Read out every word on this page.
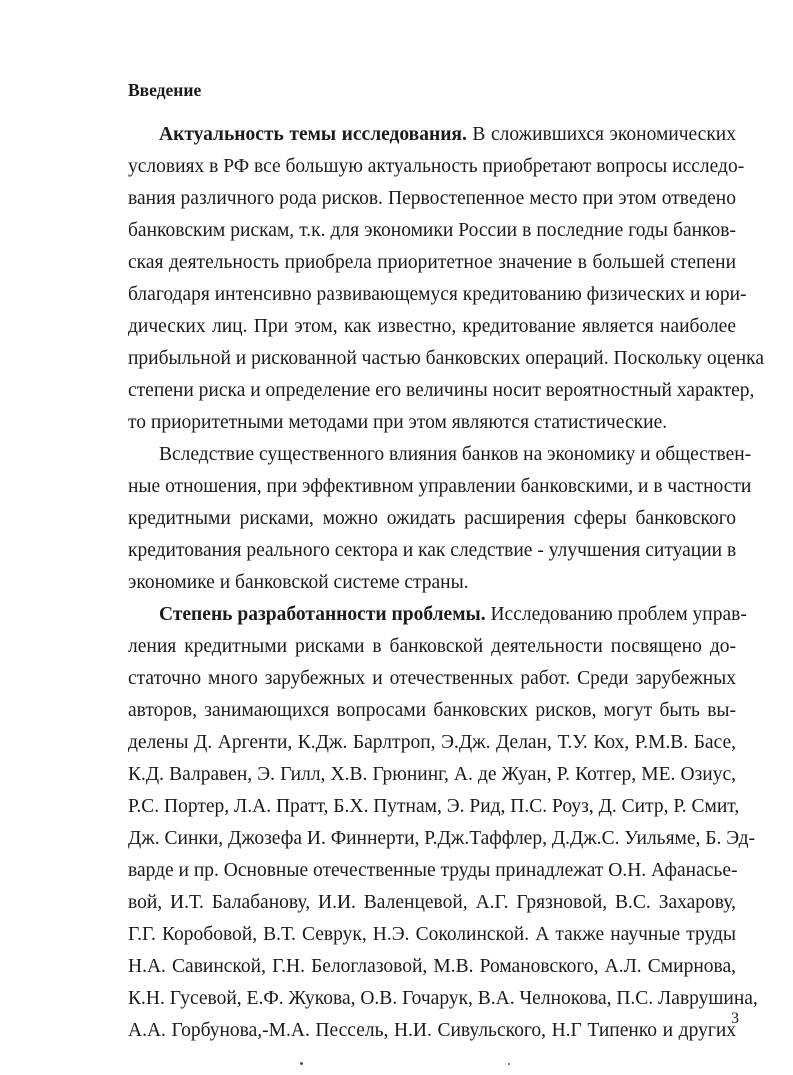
Введение
Актуальность темы исследования. В сложившихся экономических
условиях в РФ все большую актуальность приобретают вопросы исследо-
вания различного рода рисков. Первостепенное место при этом отведено
банковским рискам, т.к. для экономики России в последние годы банков-
ская деятельность приобрела приоритетное значение в большей степени
благодаря интенсивно развивающемуся кредитованию физических и юри-
дических лиц. При этом, как известно, кредитование является наиболее
прибыльной и рискованной частью банковских операций. Поскольку оценка
степени риска и определение его величины носит вероятностный характер,
то приоритетными методами при этом являются статистические.
Вследствие существенного влияния банков на экономику и обществен-
ные отношения, при эффективном управлении банковскими, и в частности
кредитными рисками, можно ожидать расширения сферы банковского
кредитования реального сектора и как следствие - улучшения ситуации в
экономике и банковской системе страны.
Степень разработанности проблемы. Исследованию проблем управ-
ления кредитными рисками в банковской деятельности посвящено до-
статочно много зарубежных и отечественных работ. Среди зарубежных
авторов, занимающихся вопросами банковских рисков, могут быть вы-
делены Д. Аргенти, К.Дж. Барлтроп, Э.Дж. Делан, Т.У. Кох, Р.М.В. Басе,
К.Д. Валравен, Э. Гилл, Х.В. Грюнинг, А. де Жуан, Р. Котгер, МЕ. Озиус,
Р.С. Портер, Л.А. Пратт, Б.Х. Путнам, Э. Рид, П.С. Роуз, Д. Ситр, Р. Смит,
Дж. Синки, Джозефа И. Финнерти, Р.Дж.Таффлер, Д.Дж.С. Уильяме, Б. Эд-
варде и пр. Основные отечественные труды принадлежат О.Н. Афанасье-
вой, И.Т. Балабанову, И.И. Валенцевой, А.Г. Грязновой, В.С. Захарову,
Г.Г. Коробовой, В.Т. Севрук, Н.Э. Соколинской. А также научные труды
Н.А. Савинской, Г.Н. Белоглазовой, М.В. Романовского, А.Л. Смирнова,
К.Н. Гусевой, Е.Ф. Жукова, О.В. Гочарук, В.А. Челнокова, П.С. Лаврушина,
А.А. Горбунова,-М.А. Пессель, Н.И. Сивульского, Н.Г Типенко и других
3
